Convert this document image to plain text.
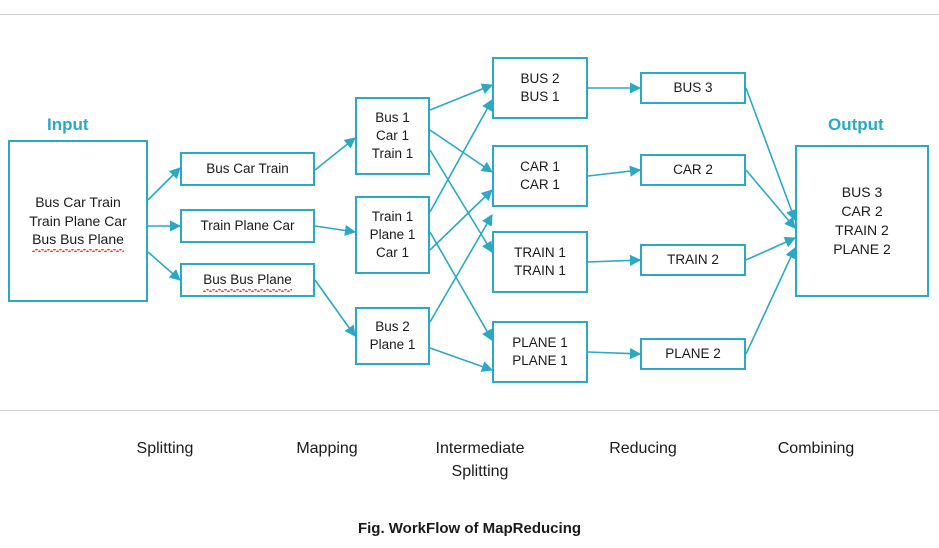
Input	Output
Bus Car Train
Train Plane Car
Bus Bus Plane
Bus Car Train
Train Plane Car
Bus Bus Plane
Bus 1
Car 1
Train 1
Train 1
Plane 1
Car 1
Bus 2
Plane 1
BUS 2
BUS 1
CAR 1
CAR 1
TRAIN 1
TRAIN 1
PLANE 1
PLANE 1
BUS 3
CAR 2
TRAIN 2
PLANE 2
BUS 3
CAR 2
TRAIN 2
PLANE 2
Splitting	Mapping	Intermediate
Splitting
Reducing	Combining
Fig. WorkFlow of MapReducing
